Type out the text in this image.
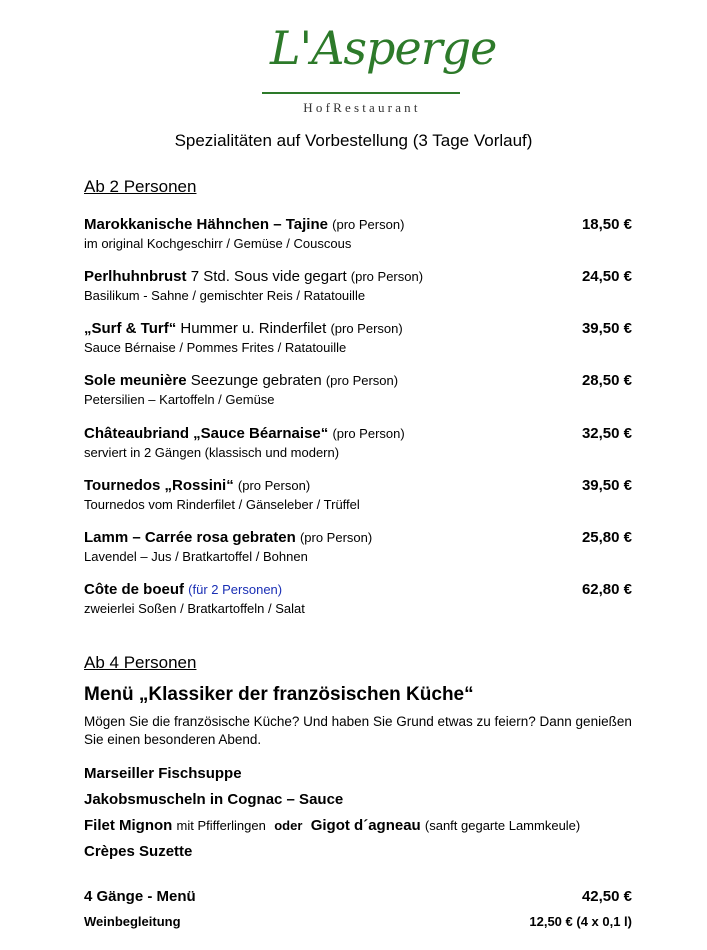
L'Asperge
HofRestaurant
Spezialitäten auf Vorbestellung (3 Tage Vorlauf)
Ab 2 Personen
Marokkanische Hähnchen – Tajine (pro Person)
im original Kochgeschirr / Gemüse / Couscous
18,50 €
Perlhuhnbrust 7 Std. Sous vide gegart (pro Person)
Basilikum - Sahne / gemischter Reis / Ratatouille
24,50 €
„Surf & Turf“ Hummer u. Rinderfilet (pro Person)
Sauce Bérnaise / Pommes Frites / Ratatouille
39,50 €
Sole meunière Seezunge gebraten (pro Person)
Petersilien – Kartoffeln / Gemüse
28,50 €
Châteaubriand „Sauce Béarnaise“ (pro Person)
serviert in 2 Gängen (klassisch und modern)
32,50 €
Tournedos „Rossini“ (pro Person)
Tournedos vom Rinderfilet / Gänseleber / Trüffel
39,50 €
Lamm – Carrée rosa gebraten (pro Person)
Lavendel – Jus / Bratkartoffel / Bohnen
25,80 €
Côte de boeuf (für 2 Personen)
zweierlei Soßen / Bratkartoffeln / Salat
62,80 €
Ab 4 Personen
Menü „Klassiker der französischen Küche“
Mögen Sie die französische Küche? Und haben Sie Grund etwas zu feiern? Dann genießen Sie einen besonderen Abend.
Marseiller Fischsuppe
Jakobsmuscheln in Cognac – Sauce
Filet Mignon mit Pfifferlingen oder Gigot d´agneau (sanft gegarte Lammkeule)
Crèpes Suzette
4 Gänge - Menü	42,50 €
Weinbegleitung	12,50 € (4 x 0,1 l)
